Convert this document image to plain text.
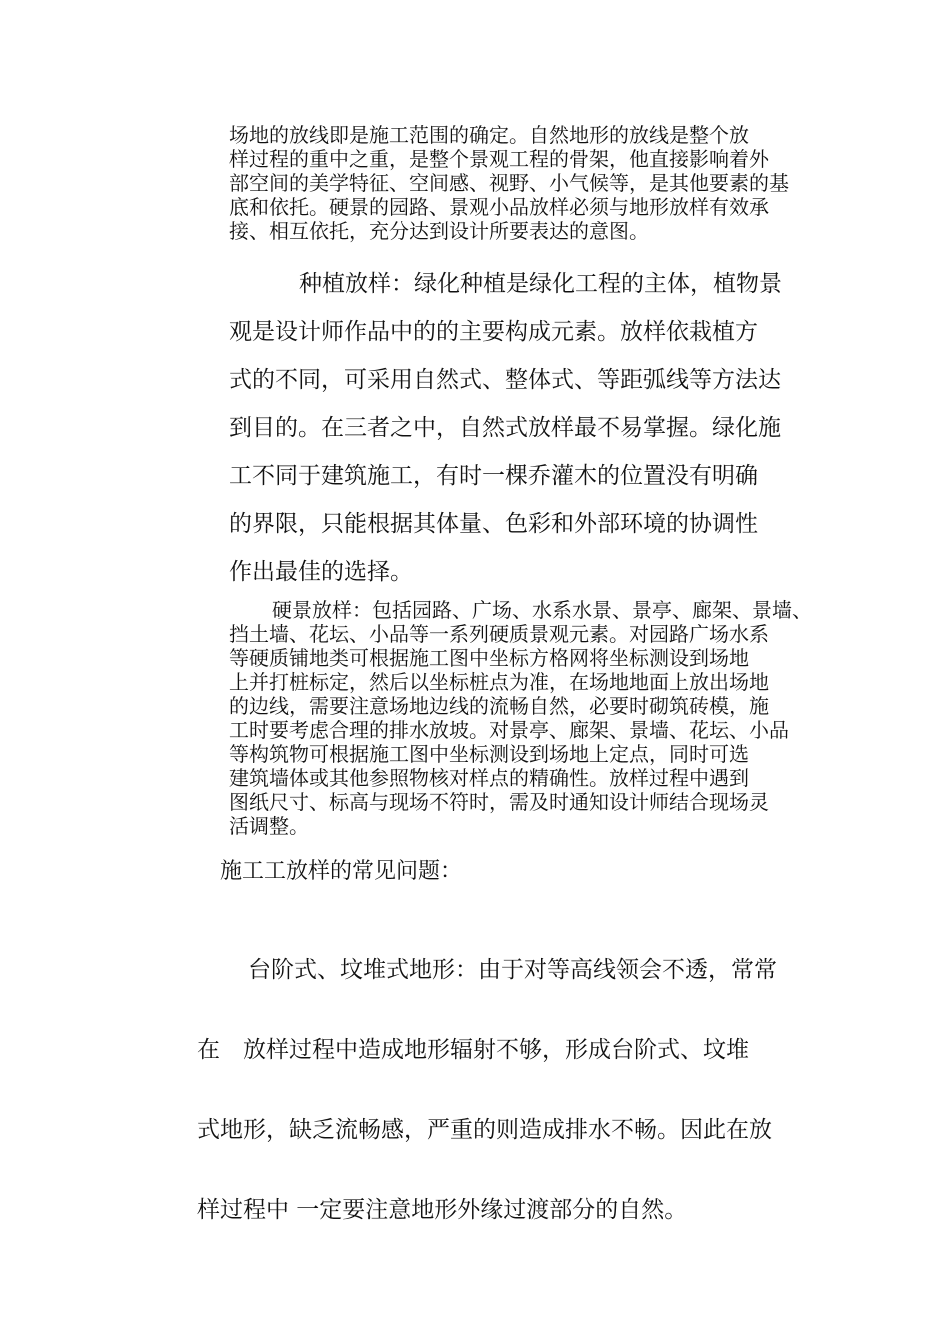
场地的放线即是施工范围的确定。自然地形的放线是整个放
样过程的重中之重，是整个景观工程的骨架，他直接影响着外
部空间的美学特征、空间感、视野、小气候等，是其他要素的基
底和依托。硬景的园路、景观小品放样必须与地形放样有效承
接、相互依托，充分达到设计所要表达的意图。
种植放样：绿化种植是绿化工程的主体，植物景
观是设计师作品中的的主要构成元素。放样依栽植方
式的不同，可采用自然式、整体式、等距弧线等方法达
到目的。在三者之中，自然式放样最不易掌握。绿化施
工不同于建筑施工，有时一棵乔灌木的位置没有明确
的界限，只能根据其体量、色彩和外部环境的协调性
作出最佳的选择。
硬景放样：包括园路、广场、水系水景、景亭、廊架、景墙、
挡土墙、花坛、小品等一系列硬质景观元素。对园路广场水系
等硬质铺地类可根据施工图中坐标方格网将坐标测设到场地
上并打桩标定，然后以坐标桩点为准，在场地地面上放出场地
的边线，需要注意场地边线的流畅自然，必要时砌筑砖模，施
工时要考虑合理的排水放坡。对景亭、廊架、景墙、花坛、小品
等构筑物可根据施工图中坐标测设到场地上定点，同时可选
建筑墙体或其他参照物核对样点的精确性。放样过程中遇到
图纸尺寸、标高与现场不符时，需及时通知设计师结合现场灵
活调整。
施工工放样的常见问题：
台阶式、坟堆式地形：由于对等高线领会不透，常常
在　放样过程中造成地形辐射不够，形成台阶式、坟堆
式地形，缺乏流畅感，严重的则造成排水不畅。因此在放
样过程中 一定要注意地形外缘过渡部分的自然。
